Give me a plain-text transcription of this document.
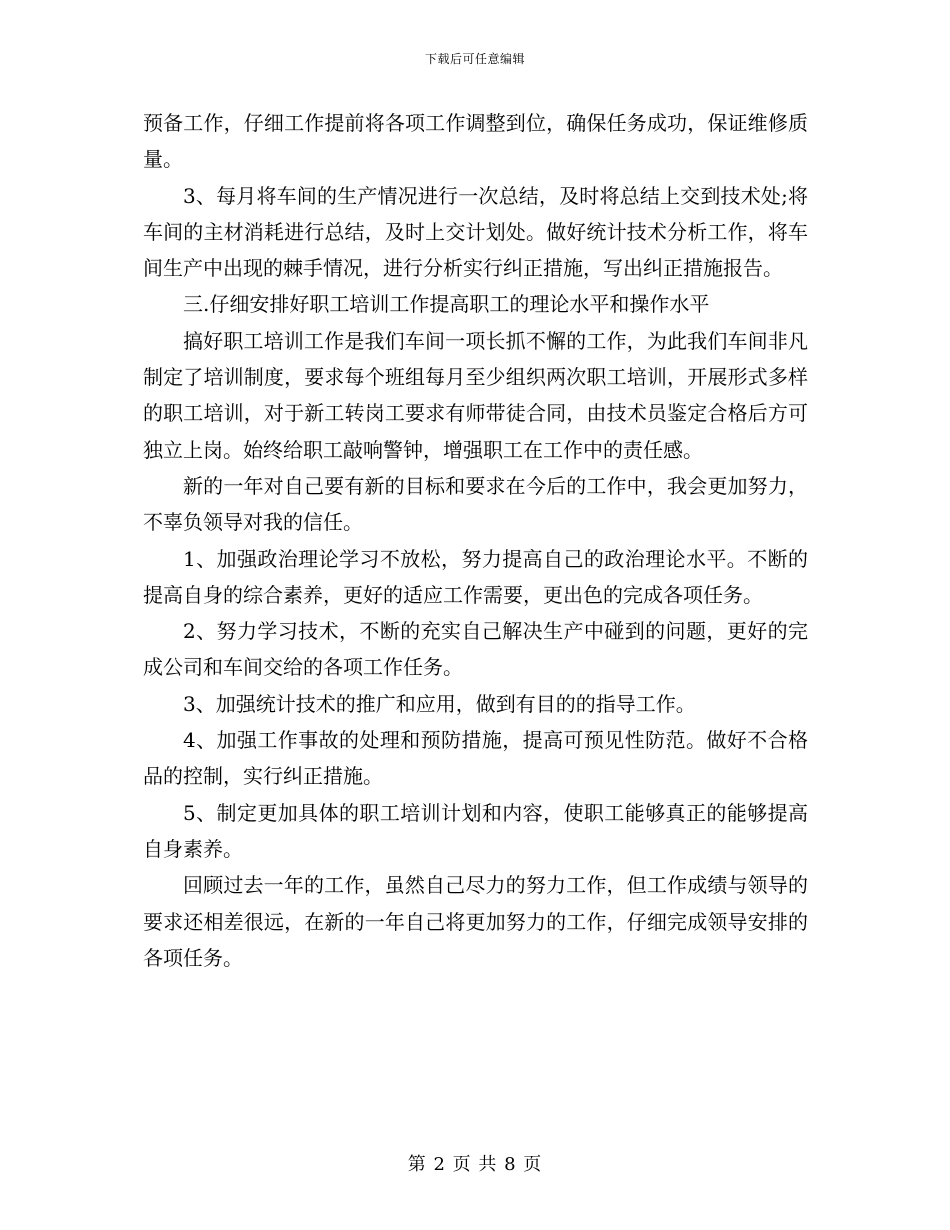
下载后可任意编辑

预备工作，仔细工作提前将各项工作调整到位，确保任务成功，保证维修质量。

3、每月将车间的生产情况进行一次总结，及时将总结上交到技术处;将车间的主材消耗进行总结，及时上交计划处。做好统计技术分析工作，将车间生产中出现的棘手情况，进行分析实行纠正措施，写出纠正措施报告。

三.仔细安排好职工培训工作提高职工的理论水平和操作水平

搞好职工培训工作是我们车间一项长抓不懈的工作，为此我们车间非凡制定了培训制度，要求每个班组每月至少组织两次职工培训，开展形式多样的职工培训，对于新工转岗工要求有师带徒合同，由技术员鉴定合格后方可独立上岗。始终给职工敲响警钟，增强职工在工作中的责任感。

新的一年对自己要有新的目标和要求在今后的工作中，我会更加努力，不辜负领导对我的信任。

1、加强政治理论学习不放松，努力提高自己的政治理论水平。不断的提高自身的综合素养，更好的适应工作需要，更出色的完成各项任务。

2、努力学习技术，不断的充实自己解决生产中碰到的问题，更好的完成公司和车间交给的各项工作任务。

3、加强统计技术的推广和应用，做到有目的的指导工作。

4、加强工作事故的处理和预防措施，提高可预见性防范。做好不合格品的控制，实行纠正措施。

5、制定更加具体的职工培训计划和内容，使职工能够真正的能够提高自身素养。

回顾过去一年的工作，虽然自己尽力的努力工作，但工作成绩与领导的要求还相差很远，在新的一年自己将更加努力的工作，仔细完成领导安排的各项任务。

第 2 页 共 8 页
